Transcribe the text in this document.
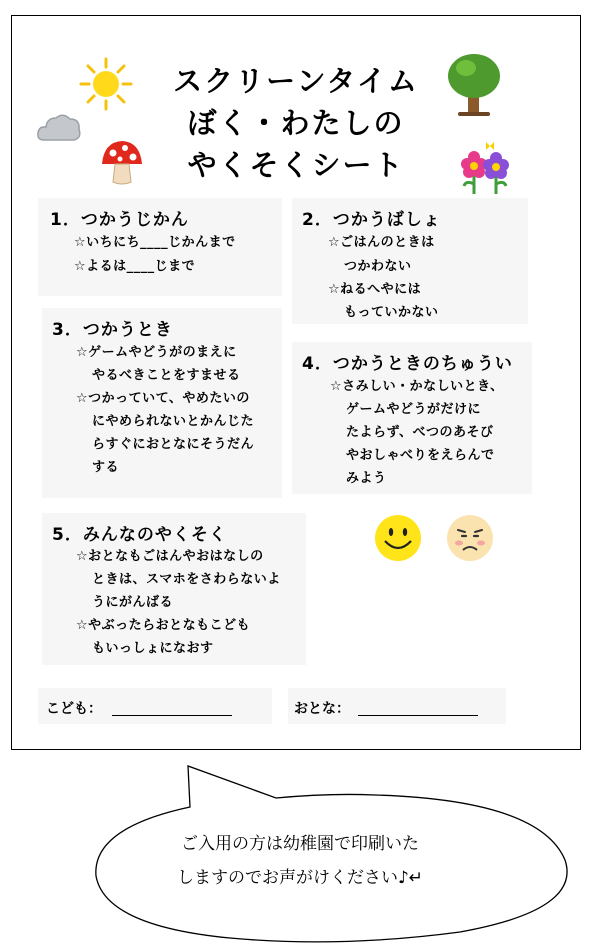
スクリーンタイム
ぼく・わたしの
やくそくシート
1．つかうじかん
☆いちにち____じかんまで
☆よるは____じまで
2．つかうばしょ
☆ごはんのときは
つかわない
☆ねるへやには
もっていかない
3．つかうとき
☆ゲームやどうがのまえに
やるべきことをすませる
☆つかっていて、やめたいの
にやめられないとかんじた
らすぐにおとなにそうだん
する
4．つかうときのちゅうい
☆さみしい・かなしいとき、
ゲームやどうがだけに
たよらず、べつのあそび
やおしゃべりをえらんで
みよう
5．みんなのやくそく
☆おとなもごはんやおはなしの
ときは、スマホをさわらないよ
うにがんばる
☆やぶったらおとなもこども
もいっしょになおす
こども：	おとな：
ご入用の方は幼稚園で印刷いた
しますのでお声がけください♪↵
